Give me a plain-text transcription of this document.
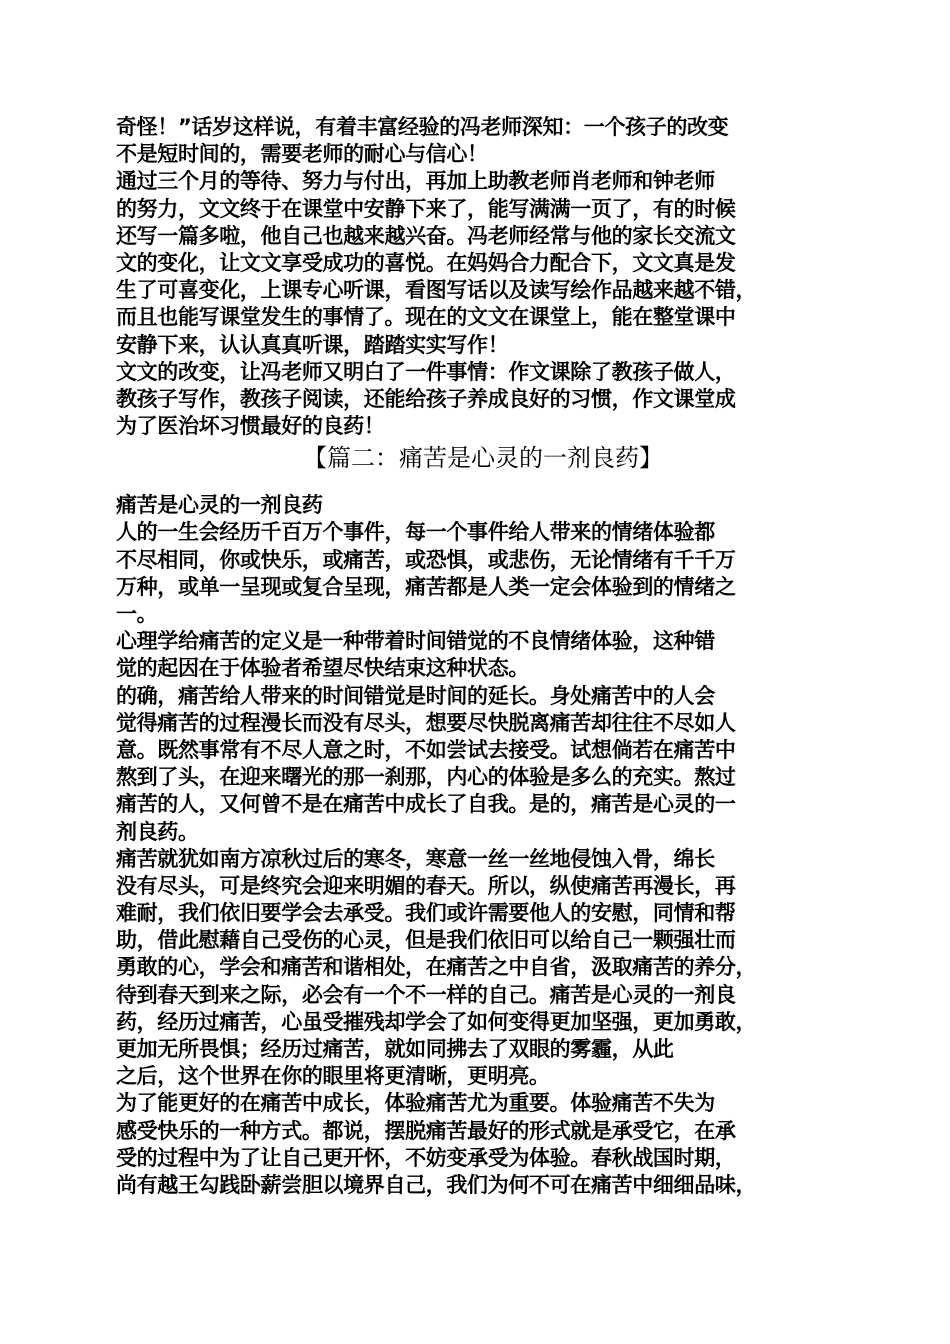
奇怪！”话岁这样说，有着丰富经验的冯老师深知：一个孩子的改变
不是短时间的，需要老师的耐心与信心！
通过三个月的等待、努力与付出，再加上助教老师肖老师和钟老师
的努力，文文终于在课堂中安静下来了，能写满满一页了，有的时候
还写一篇多啦，他自己也越来越兴奋。冯老师经常与他的家长交流文
文的变化，让文文享受成功的喜悦。在妈妈合力配合下，文文真是发
生了可喜变化，上课专心听课，看图写话以及读写绘作品越来越不错，
而且也能写课堂发生的事情了。现在的文文在课堂上，能在整堂课中
安静下来，认认真真听课，踏踏实实写作！
文文的改变，让冯老师又明白了一件事情：作文课除了教孩子做人，
教孩子写作，教孩子阅读，还能给孩子养成良好的习惯，作文课堂成
为了医治坏习惯最好的良药！
【篇二：痛苦是心灵的一剂良药】
痛苦是心灵的一剂良药
人的一生会经历千百万个事件，每一个事件给人带来的情绪体验都
不尽相同，你或快乐，或痛苦，或恐惧，或悲伤，无论情绪有千千万
万种，或单一呈现或复合呈现，痛苦都是人类一定会体验到的情绪之
一。
心理学给痛苦的定义是一种带着时间错觉的不良情绪体验，这种错
觉的起因在于体验者希望尽快结束这种状态。
的确，痛苦给人带来的时间错觉是时间的延长。身处痛苦中的人会
觉得痛苦的过程漫长而没有尽头，想要尽快脱离痛苦却往往不尽如人
意。既然事常有不尽人意之时，不如尝试去接受。试想倘若在痛苦中
熬到了头，在迎来曙光的那一刹那，内心的体验是多么的充实。熬过
痛苦的人，又何曾不是在痛苦中成长了自我。是的，痛苦是心灵的一
剂良药。
痛苦就犹如南方凉秋过后的寒冬，寒意一丝一丝地侵蚀入骨，绵长
没有尽头，可是终究会迎来明媚的春天。所以，纵使痛苦再漫长，再
难耐，我们依旧要学会去承受。我们或许需要他人的安慰，同情和帮
助，借此慰藉自己受伤的心灵，但是我们依旧可以给自己一颗强壮而
勇敢的心，学会和痛苦和谐相处，在痛苦之中自省，汲取痛苦的养分，
待到春天到来之际，必会有一个不一样的自己。痛苦是心灵的一剂良
药，经历过痛苦，心虽受摧残却学会了如何变得更加坚强，更加勇敢，
更加无所畏惧；经历过痛苦，就如同拂去了双眼的雾霾，从此
之后，这个世界在你的眼里将更清晰，更明亮。
为了能更好的在痛苦中成长，体验痛苦尤为重要。体验痛苦不失为
感受快乐的一种方式。都说，摆脱痛苦最好的形式就是承受它，在承
受的过程中为了让自己更开怀，不妨变承受为体验。春秋战国时期，
尚有越王勾践卧薪尝胆以境界自己，我们为何不可在痛苦中细细品味，
